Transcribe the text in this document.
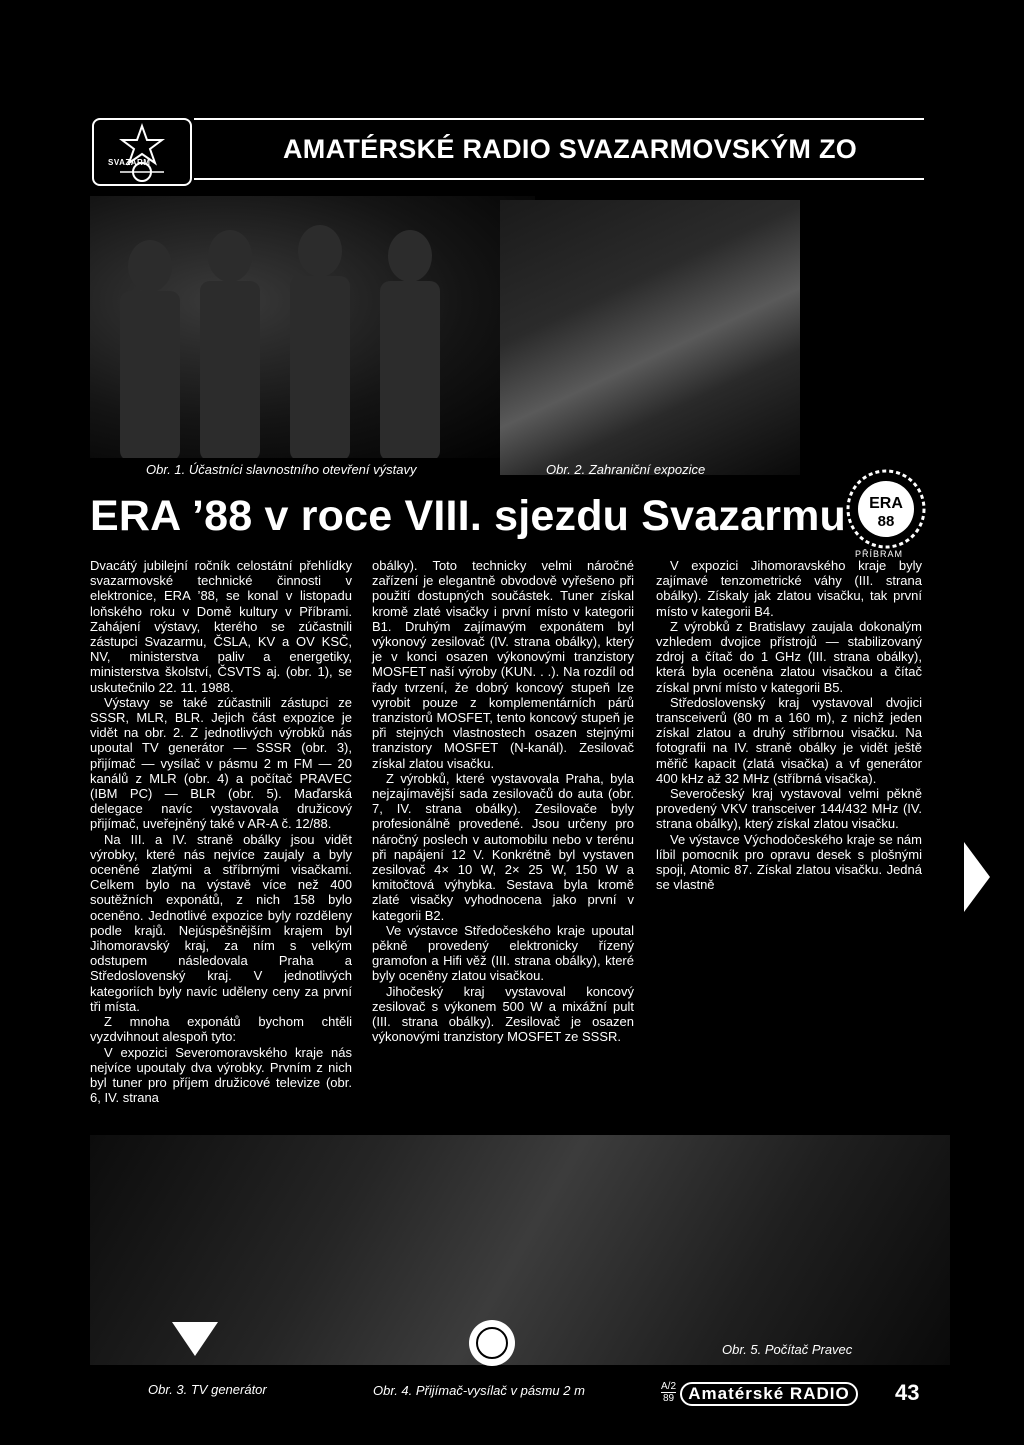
SVAZARM	AMATÉRSKÉ RADIO SVAZARMOVSKÝM ZO
Obr. 1. Účastníci slavnostního otevření výstavy	Obr. 2. Zahraniční expozice
ERA ’88 v roce VIII. sjezdu Svazarmu ERA
88
PŘÍBRAM

Dvacátý jubilejní ročník celostátní přehlídky svazarmovské technické činnosti v elektronice, ERA ’88, se konal v listopadu loňského roku v Domě kultury v Příbrami. Zahájení výstavy, kterého se zúčastnili zástupci Svazarmu, ČSLA, KV a OV KSČ, NV, ministerstva paliv a energetiky, ministerstva školství, ČSVTS aj. (obr. 1), se uskutečnilo 22. 11. 1988.

Výstavy se také zúčastnili zástupci ze SSSR, MLR, BLR. Jejich část expozice je vidět na obr. 2. Z jednotlivých výrobků nás upoutal TV generátor — SSSR (obr. 3), přijímač — vysílač v pásmu 2 m FM — 20 kanálů z MLR (obr. 4) a počítač PRAVEC (IBM PC) — BLR (obr. 5). Maďarská delegace navíc vystavovala družicový přijímač, uveřejněný také v AR-A č. 12/88.

Na III. a IV. straně obálky jsou vidět výrobky, které nás nejvíce zaujaly a byly oceněné zlatými a stříbrnými visačkami. Celkem bylo na výstavě více než 400 soutěžních exponátů, z nich 158 bylo oceněno. Jednotlivé expozice byly rozděleny podle krajů. Nejúspěšnějším krajem byl Jihomoravský kraj, za ním s velkým odstupem následovala Praha a Středoslovenský kraj. V jednotlivých kategoriích byly navíc uděleny ceny za první tři místa.

Z mnoha exponátů bychom chtěli vyzdvihnout alespoň tyto:

V expozici Severomoravského kraje nás nejvíce upoutaly dva výrobky. Prvním z nich byl tuner pro příjem družicové televize (obr. 6, IV. strana

obálky). Toto technicky velmi náročné zařízení je elegantně obvodově vyřešeno při použití dostupných součástek. Tuner získal kromě zlaté visačky i první místo v kategorii B1. Druhým zajímavým exponátem byl výkonový zesilovač (IV. strana obálky), který je v konci osazen výkonovými tranzistory MOSFET naší výroby (KUN. . .). Na rozdíl od řady tvrzení, že dobrý koncový stupeň lze vyrobit pouze z komplementárních párů tranzistorů MOSFET, tento koncový stupeň je při stejných vlastnostech osazen stejnými tranzistory MOSFET (N-kanál). Zesilovač získal zlatou visačku.

Z výrobků, které vystavovala Praha, byla nejzajímavější sada zesilovačů do auta (obr. 7, IV. strana obálky). Zesilovače byly profesionálně provedené. Jsou určeny pro náročný poslech v automobilu nebo v terénu při napájení 12 V. Konkrétně byl vystaven zesilovač 4× 10 W, 2× 25 W, 150 W a kmitočtová výhybka. Sestava byla kromě zlaté visačky vyhodnocena jako první v kategorii B2.

Ve výstavce Středočeského kraje upoutal pěkně provedený elektronicky řízený gramofon a Hifi věž (III. strana obálky), které byly oceněny zlatou visačkou.

Jihočeský kraj vystavoval koncový zesilovač s výkonem 500 W a mixážní pult (III. strana obálky). Zesilovač je osazen výkonovými tranzistory MOSFET ze SSSR.

V expozici Jihomoravského kraje byly zajímavé tenzometrické váhy (III. strana obálky). Získaly jak zlatou visačku, tak první místo v kategorii B4.

Z výrobků z Bratislavy zaujala dokonalým vzhledem dvojice přístrojů — stabilizovaný zdroj a čítač do 1 GHz (III. strana obálky), která byla oceněna zlatou visačkou a čítač získal první místo v kategorii B5.

Středoslovenský kraj vystavoval dvojici transceiverů (80 m a 160 m), z nichž jeden získal zlatou a druhý stříbrnou visačku. Na fotografii na IV. straně obálky je vidět ještě měřič kapacit (zlatá visačka) a vf generátor 400 kHz až 32 MHz (stříbrná visačka).

Severočeský kraj vystavoval velmi pěkně provedený VKV transceiver 144/432 MHz (IV. strana obálky), který získal zlatou visačku.

Ve výstavce Východočeského kraje se nám líbil pomocník pro opravu desek s plošnými spoji, Atomic 87. Získal zlatou visačku. Jedná se vlastně

Obr. 5. Počítač Pravec
Obr. 3. TV generátor	Obr. 4. Přijímač-vysílač v pásmu 2 m	$\frac{A/2}{89}$ Amatérské RADIO	43
